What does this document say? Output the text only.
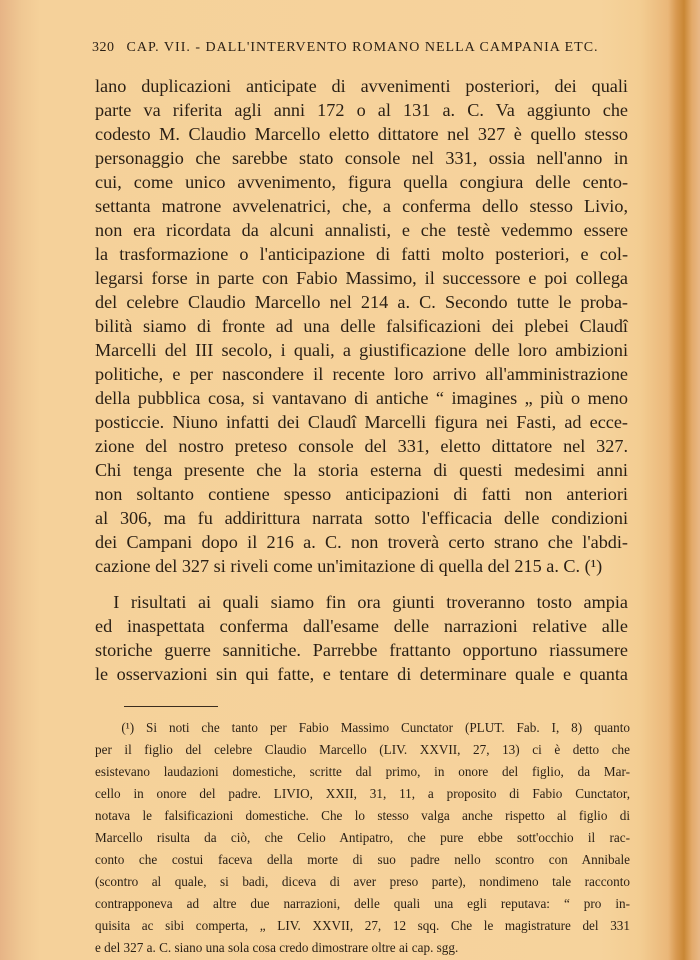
320 CAP. VII. - DALL'INTERVENTO ROMANO NELLA CAMPANIA ETC.
lano duplicazioni anticipate di avvenimenti posteriori, dei quali
parte va riferita agli anni 172 o al 131 a. C. Va aggiunto che
codesto M. Claudio Marcello eletto dittatore nel 327 è quello stesso
personaggio che sarebbe stato console nel 331, ossia nell'anno in
cui, come unico avvenimento, figura quella congiura delle cento-
settanta matrone avvelenatrici, che, a conferma dello stesso Livio,
non era ricordata da alcuni annalisti, e che testè vedemmo essere
la trasformazione o l'anticipazione di fatti molto posteriori, e col-
legarsi forse in parte con Fabio Massimo, il successore e poi collega
del celebre Claudio Marcello nel 214 a. C. Secondo tutte le proba-
bilità siamo di fronte ad una delle falsificazioni dei plebei Claudî
Marcelli del III secolo, i quali, a giustificazione delle loro ambizioni
politiche, e per nascondere il recente loro arrivo all'amministrazione
della pubblica cosa, si vantavano di antiche “ imagines „ più o meno
posticcie. Niuno infatti dei Claudî Marcelli figura nei Fasti, ad ecce-
zione del nostro preteso console del 331, eletto dittatore nel 327.
Chi tenga presente che la storia esterna di questi medesimi anni
non soltanto contiene spesso anticipazioni di fatti non anteriori
al 306, ma fu addirittura narrata sotto l'efficacia delle condizioni
dei Campani dopo il 216 a. C. non troverà certo strano che l'abdi-
cazione del 327 si riveli come un'imitazione di quella del 215 a. C. (¹)
 I risultati ai quali siamo fin ora giunti troveranno tosto ampia
ed inaspettata conferma dall'esame delle narrazioni relative alle
storiche guerre sannitiche. Parrebbe frattanto opportuno riassumere
le osservazioni sin qui fatte, e tentare di determinare quale e quanta
  (¹) Si noti che tanto per Fabio Massimo Cunctator (PLUT. Fab. I, 8) quanto
per il figlio del celebre Claudio Marcello (LIV. XXVII, 27, 13) ci è detto che
esistevano laudazioni domestiche, scritte dal primo, in onore del figlio, da Mar-
cello in onore del padre. LIVIO, XXII, 31, 11, a proposito di Fabio Cunctator,
notava le falsificazioni domestiche. Che lo stesso valga anche rispetto al figlio di
Marcello risulta da ciò, che Celio Antipatro, che pure ebbe sott'occhio il rac-
conto che costui faceva della morte di suo padre nello scontro con Annibale
(scontro al quale, si badi, diceva di aver preso parte), nondimeno tale racconto
contrapponeva ad altre due narrazioni, delle quali una egli reputava: “ pro in-
quisita ac sibi comperta, „ LIV. XXVII, 27, 12 sqq. Che le magistrature del 331
e del 327 a. C. siano una sola cosa credo dimostrare oltre ai cap. sgg.
